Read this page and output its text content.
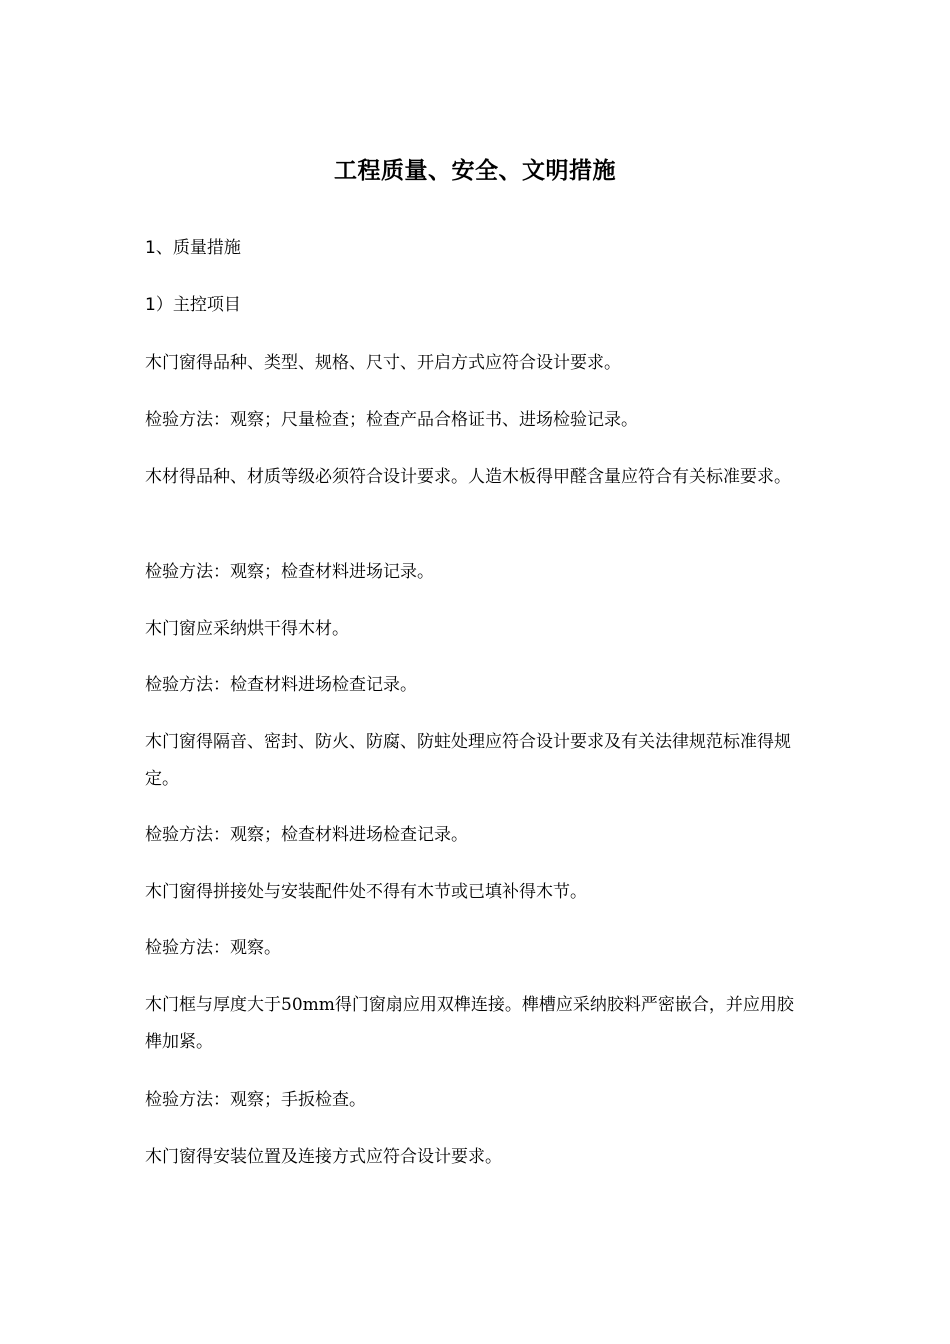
工程质量、安全、文明措施
1、质量措施
1）主控项目
木门窗得品种、类型、规格、尺寸、开启方式应符合设计要求。
检验方法：观察；尺量检查；检查产品合格证书、进场检验记录。
木材得品种、材质等级必须符合设计要求。人造木板得甲醛含量应符合有关标准要求。
检验方法：观察；检查材料进场记录。
木门窗应采纳烘干得木材。
检验方法：检查材料进场检查记录。
木门窗得隔音、密封、防火、防腐、防蛀处理应符合设计要求及有关法律规范标准得规定。
检验方法：观察；检查材料进场检查记录。
木门窗得拼接处与安装配件处不得有木节或已填补得木节。
检验方法：观察。
木门框与厚度大于50mm得门窗扇应用双榫连接。榫槽应采纳胶料严密嵌合，并应用胶榫加紧。
检验方法：观察；手扳检查。
木门窗得安装位置及连接方式应符合设计要求。
